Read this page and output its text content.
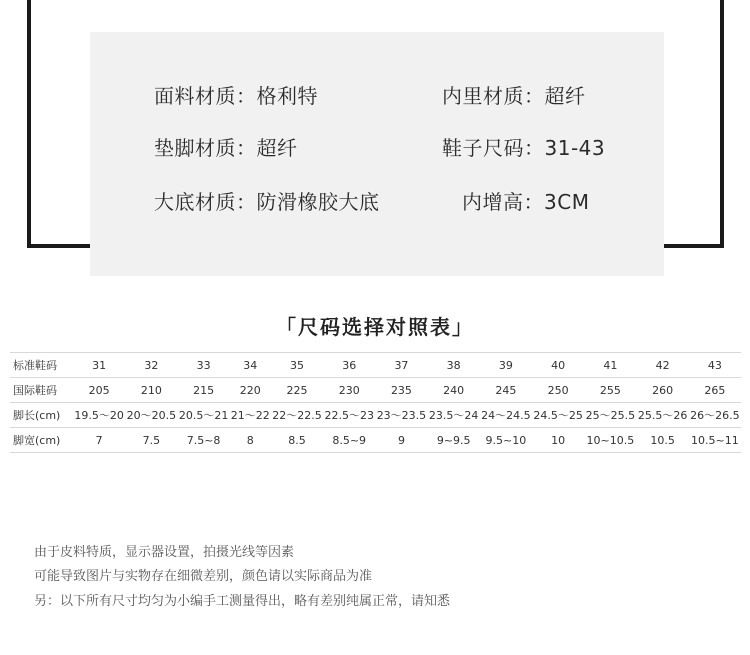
面料材质：格利特	内里材质：超纤
垫脚材质：超纤	鞋子尺码：31-43
大底材质：防滑橡胶大底	内增高：3CM
「尺码选择对照表」
标准鞋码	31	32	33	34	35	36	37	38	39	40	41	42	43
国际鞋码	205	210	215	220	225	230	235	240	245	250	255	260	265
脚长(cm)	19.5～20	20～20.5	20.5～21	21～22	22～22.5	22.5～23	23～23.5	23.5～24	24～24.5	24.5～25	25～25.5	25.5～26	26～26.5
脚宽(cm)	7	7.5	7.5~8	8	8.5	8.5~9	9	9~9.5	9.5~10	10	10~10.5	10.5	10.5~11
由于皮料特质，显示器设置，拍摄光线等因素
可能导致图片与实物存在细微差别，颜色请以实际商品为准
另：以下所有尺寸均匀为小编手工测量得出，略有差别纯属正常，请知悉
